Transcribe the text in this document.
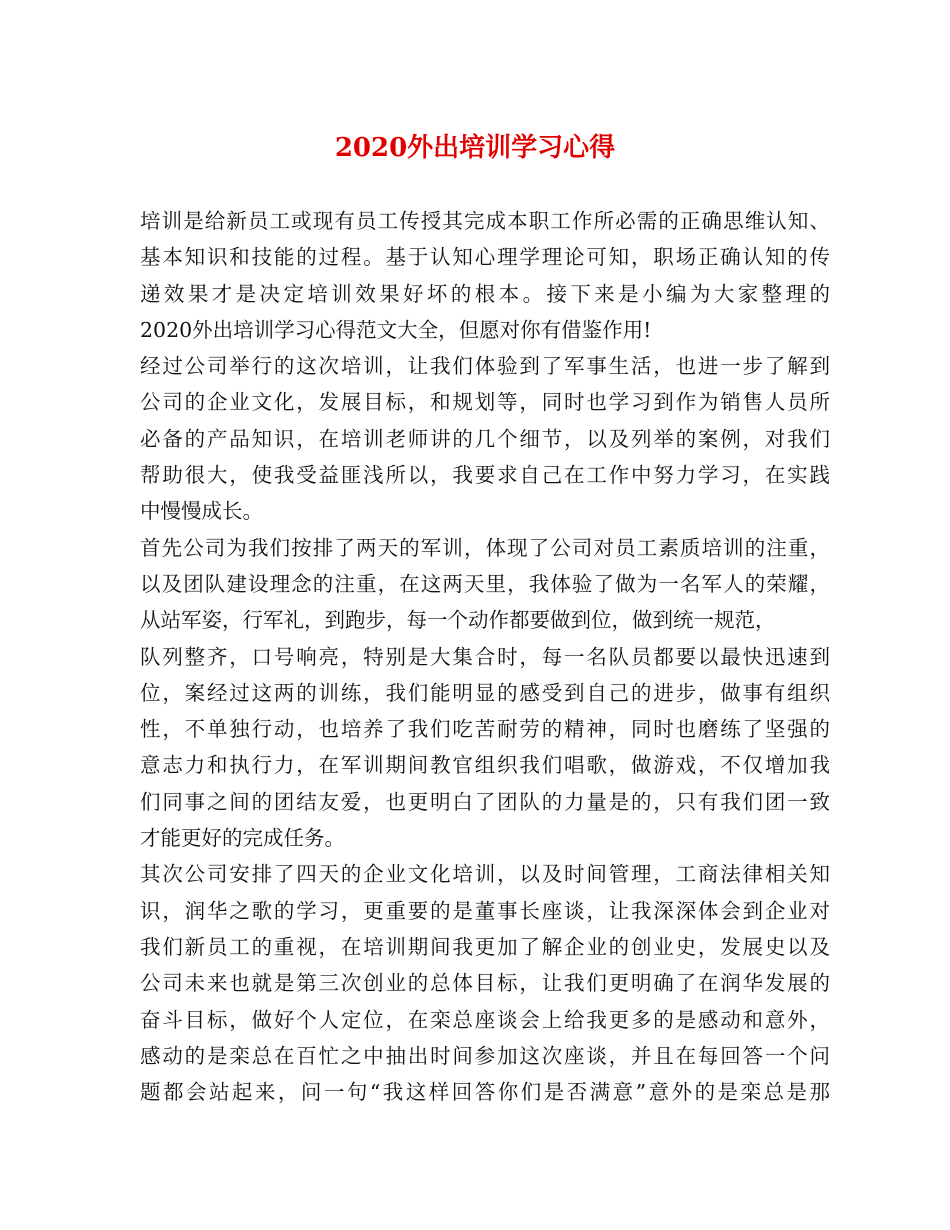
2020外出培训学习心得
培训是给新员工或现有员工传授其完成本职工作所必需的正确思维认知、
基本知识和技能的过程。基于认知心理学理论可知，职场正确认知的传
递效果才是决定培训效果好坏的根本。接下来是小编为大家整理的
2020外出培训学习心得范文大全，但愿对你有借鉴作用!
经过公司举行的这次培训，让我们体验到了军事生活，也进一步了解到
公司的企业文化，发展目标，和规划等，同时也学习到作为销售人员所
必备的产品知识，在培训老师讲的几个细节，以及列举的案例，对我们
帮助很大，使我受益匪浅所以，我要求自己在工作中努力学习，在实践
中慢慢成长。
首先公司为我们按排了两天的军训，体现了公司对员工素质培训的注重，
以及团队建设理念的注重，在这两天里，我体验了做为一名军人的荣耀，
从站军姿，行军礼，到跑步，每一个动作都要做到位，做到统一规范，
队列整齐，口号响亮，特别是大集合时，每一名队员都要以最快迅速到
位，案经过这两的训练，我们能明显的感受到自己的进步，做事有组织
性，不单独行动，也培养了我们吃苦耐劳的精神，同时也磨练了坚强的
意志力和执行力，在军训期间教官组织我们唱歌，做游戏，不仅增加我
们同事之间的团结友爱，也更明白了团队的力量是的，只有我们团一致
才能更好的完成任务。
其次公司安排了四天的企业文化培训，以及时间管理，工商法律相关知
识，润华之歌的学习，更重要的是董事长座谈，让我深深体会到企业对
我们新员工的重视，在培训期间我更加了解企业的创业史，发展史以及
公司未来也就是第三次创业的总体目标，让我们更明确了在润华发展的
奋斗目标，做好个人定位，在栾总座谈会上给我更多的是感动和意外，
感动的是栾总在百忙之中抽出时间参加这次座谈，并且在每回答一个问
题都会站起来，问一句“我这样回答你们是否满意”意外的是栾总是那
